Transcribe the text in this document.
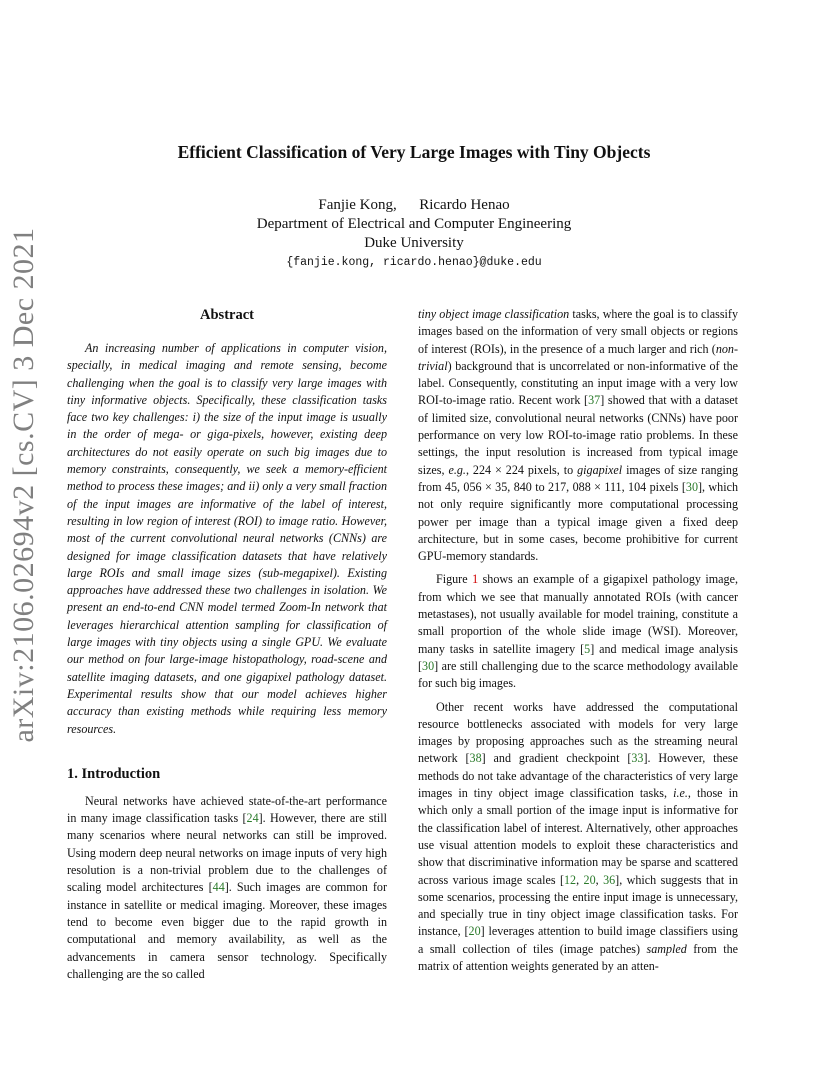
arXiv:2106.02694v2 [cs.CV] 3 Dec 2021
Efficient Classification of Very Large Images with Tiny Objects
Fanjie Kong,      Ricardo Henao
Department of Electrical and Computer Engineering
Duke University
{fanjie.kong, ricardo.henao}@duke.edu
Abstract

An increasing number of applications in computer vision, specially, in medical imaging and remote sensing, become challenging when the goal is to classify very large images with tiny informative objects. Specifically, these classification tasks face two key challenges: i) the size of the input image is usually in the order of mega- or giga-pixels, however, existing deep architectures do not easily operate on such big images due to memory constraints, consequently, we seek a memory-efficient method to process these images; and ii) only a very small fraction of the input images are informative of the label of interest, resulting in low region of interest (ROI) to image ratio. However, most of the current convolutional neural networks (CNNs) are designed for image classification datasets that have relatively large ROIs and small image sizes (sub-megapixel). Existing approaches have addressed these two challenges in isolation. We present an end-to-end CNN model termed Zoom-In network that leverages hierarchical attention sampling for classification of large images with tiny objects using a single GPU. We evaluate our method on four large-image histopathology, road-scene and satellite imaging datasets, and one gigapixel pathology dataset. Experimental results show that our model achieves higher accuracy than existing methods while requiring less memory resources.

1. Introduction

Neural networks have achieved state-of-the-art performance in many image classification tasks [24]. However, there are still many scenarios where neural networks can still be improved. Using modern deep neural networks on image inputs of very high resolution is a non-trivial problem due to the challenges of scaling model architectures [44]. Such images are common for instance in satellite or medical imaging. Moreover, these images tend to become even bigger due to the rapid growth in computational and memory availability, as well as the advancements in camera sensor technology. Specifically challenging are the so called

tiny object image classification tasks, where the goal is to classify images based on the information of very small objects or regions of interest (ROIs), in the presence of a much larger and rich (non-trivial) background that is uncorrelated or non-informative of the label. Consequently, constituting an input image with a very low ROI-to-image ratio. Recent work [37] showed that with a dataset of limited size, convolutional neural networks (CNNs) have poor performance on very low ROI-to-image ratio problems. In these settings, the input resolution is increased from typical image sizes, e.g., 224 × 224 pixels, to gigapixel images of size ranging from 45, 056 × 35, 840 to 217, 088 × 111, 104 pixels [30], which not only require significantly more computational processing power per image than a typical image given a fixed deep architecture, but in some cases, become prohibitive for current GPU-memory standards.

Figure 1 shows an example of a gigapixel pathology image, from which we see that manually annotated ROIs (with cancer metastases), not usually available for model training, constitute a small proportion of the whole slide image (WSI). Moreover, many tasks in satellite imagery [5] and medical image analysis [30] are still challenging due to the scarce methodology available for such big images.

Other recent works have addressed the computational resource bottlenecks associated with models for very large images by proposing approaches such as the streaming neural network [38] and gradient checkpoint [33]. However, these methods do not take advantage of the characteristics of very large images in tiny object image classification tasks, i.e., those in which only a small portion of the image input is informative for the classification label of interest. Alternatively, other approaches use visual attention models to exploit these characteristics and show that discriminative information may be sparse and scattered across various image scales [12, 20, 36], which suggests that in some scenarios, processing the entire input image is unnecessary, and specially true in tiny object image classification tasks. For instance, [20] leverages attention to build image classifiers using a small collection of tiles (image patches) sampled from the matrix of attention weights generated by an atten-
